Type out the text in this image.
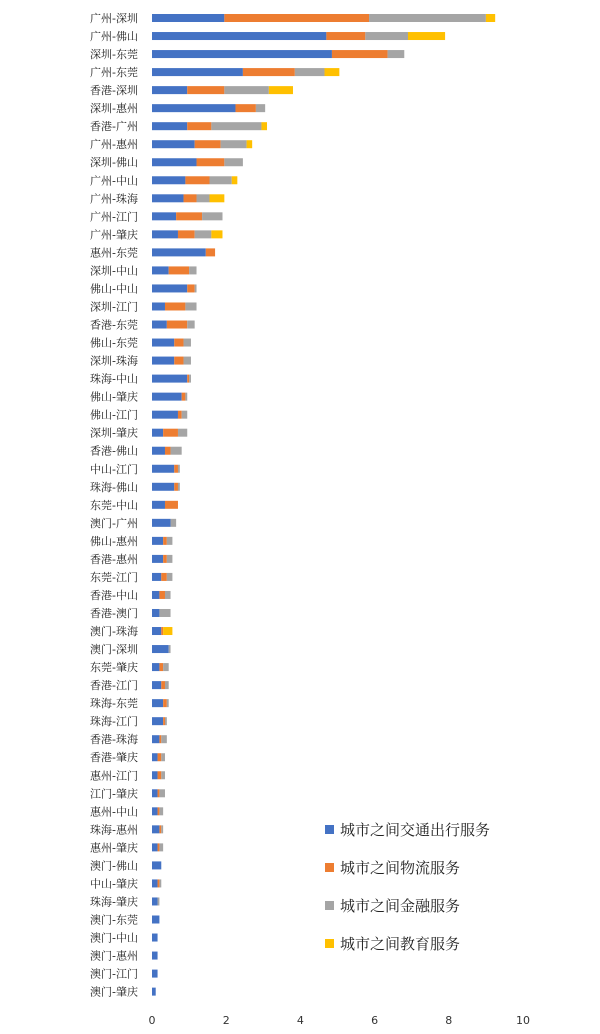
广州-深圳
广州-佛山
深圳-东莞
广州-东莞
香港-深圳
深圳-惠州
香港-广州
广州-惠州
深圳-佛山
广州-中山
广州-珠海
广州-江门
广州-肇庆
惠州-东莞
深圳-中山
佛山-中山
深圳-江门
香港-东莞
佛山-东莞
深圳-珠海
珠海-中山
佛山-肇庆
佛山-江门
深圳-肇庆
香港-佛山
中山-江门
珠海-佛山
东莞-中山
澳门-广州
佛山-惠州
香港-惠州
东莞-江门
香港-中山
香港-澳门
澳门-珠海
澳门-深圳
东莞-肇庆
香港-江门
珠海-东莞
珠海-江门
香港-珠海
香港-肇庆
惠州-江门
江门-肇庆
惠州-中山
珠海-惠州
惠州-肇庆
澳门-佛山
中山-肇庆
珠海-肇庆
澳门-东莞
澳门-中山
澳门-惠州
澳门-江门
澳门-肇庆
0	2	4	6	8	10
城市之间交通出行服务
城市之间物流服务
城市之间金融服务
城市之间教育服务
